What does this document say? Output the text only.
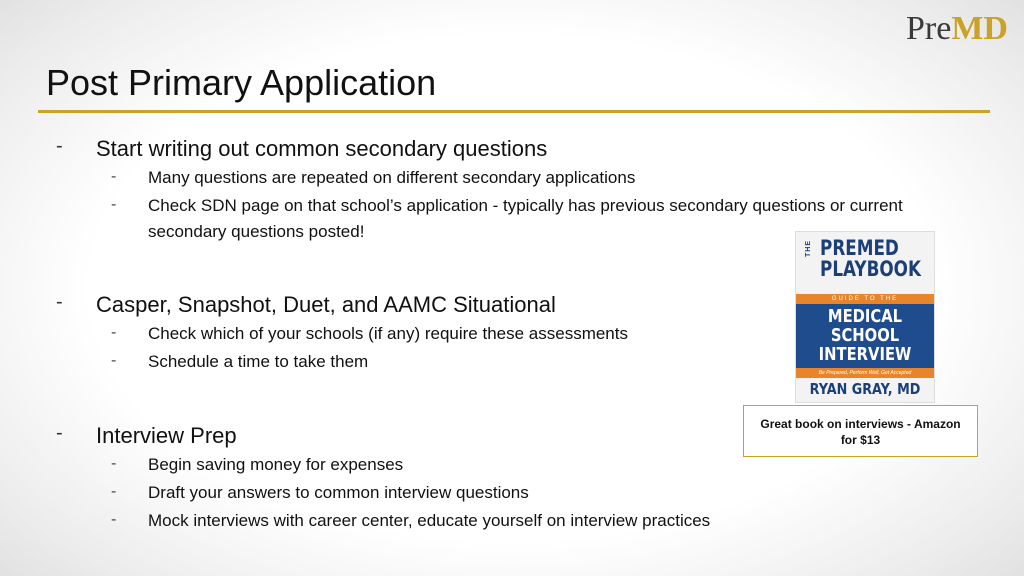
PreMD
Post Primary Application
-	Start writing out common secondary questions
-	Many questions are repeated on different secondary applications
-	Check SDN page on that school’s application - typically has previous secondary questions or current secondary questions posted!
-	Casper, Snapshot, Duet, and AAMC Situational
-	Check which of your schools (if any) require these assessments
-	Schedule a time to take them
-	Interview Prep
-	Begin saving money for expenses
-	Draft your answers to common interview questions
-	Mock interviews with career center, educate yourself on interview practices
THE PREMED
PLAYBOOK
GUIDE TO THE
MEDICAL
SCHOOL
INTERVIEW
Be Prepared, Perform Well, Get Accepted
RYAN GRAY, MD
Great book on interviews - Amazon
for $13
